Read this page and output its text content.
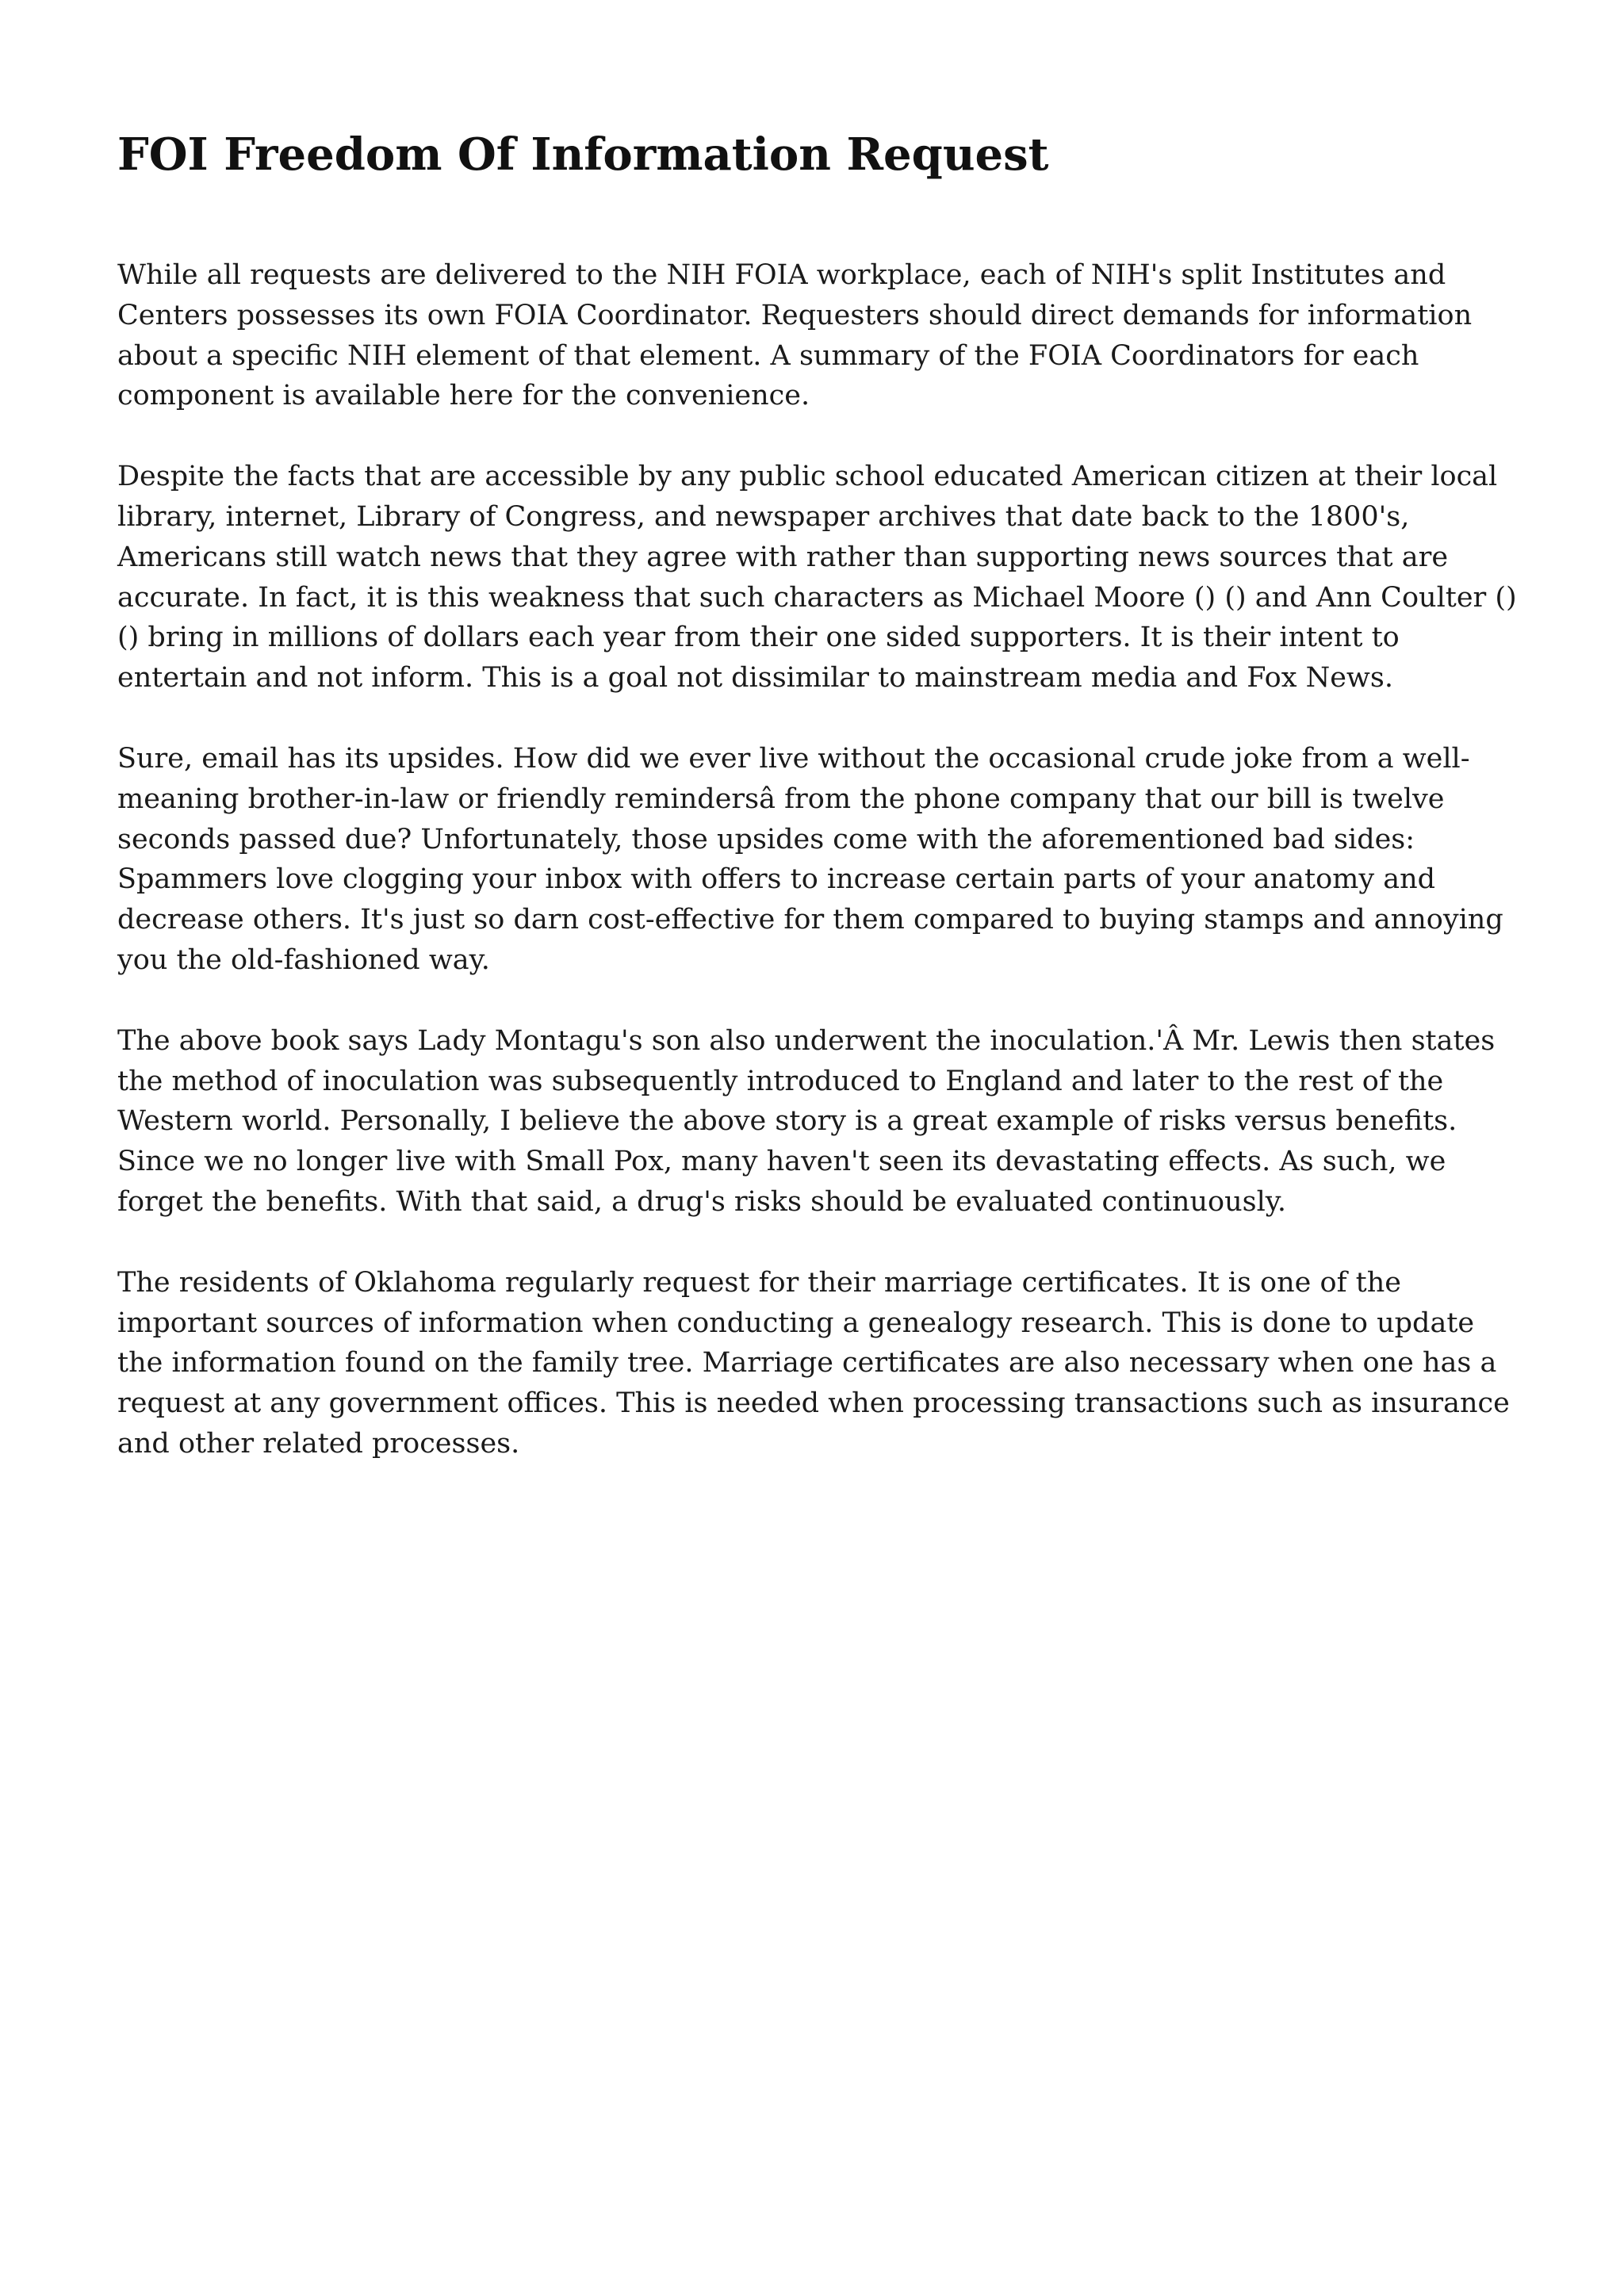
FOI Freedom Of Information Request

While all requests are delivered to the NIH FOIA workplace, each of NIH's split Institutes and Centers possesses its own FOIA Coordinator. Requesters should direct demands for information about a specific NIH element of that element. A summary of the FOIA Coordinators for each component is available here for the convenience.

Despite the facts that are accessible by any public school educated American citizen at their local library, internet, Library of Congress, and newspaper archives that date back to the 1800's, Americans still watch news that they agree with rather than supporting news sources that are accurate. In fact, it is this weakness that such characters as Michael Moore () () and Ann Coulter () () bring in millions of dollars each year from their one sided supporters. It is their intent to entertain and not inform. This is a goal not dissimilar to mainstream media and Fox News.

Sure, email has its upsides. How did we ever live without the occasional crude joke from a well-meaning brother-in-law or friendly remindersâ from the phone company that our bill is twelve seconds passed due? Unfortunately, those upsides come with the aforementioned bad sides: Spammers love clogging your inbox with offers to increase certain parts of your anatomy and decrease others. It's just so darn cost-effective for them compared to buying stamps and annoying you the old-fashioned way.

The above book says Lady Montagu's son also underwent the inoculation.'Â Mr. Lewis then states the method of inoculation was subsequently introduced to England and later to the rest of the Western world. Personally, I believe the above story is a great example of risks versus benefits. Since we no longer live with Small Pox, many haven't seen its devastating effects. As such, we forget the benefits. With that said, a drug's risks should be evaluated continuously.

The residents of Oklahoma regularly request for their marriage certificates. It is one of the important sources of information when conducting a genealogy research. This is done to update the information found on the family tree. Marriage certificates are also necessary when one has a request at any government offices. This is needed when processing transactions such as insurance and other related processes.
